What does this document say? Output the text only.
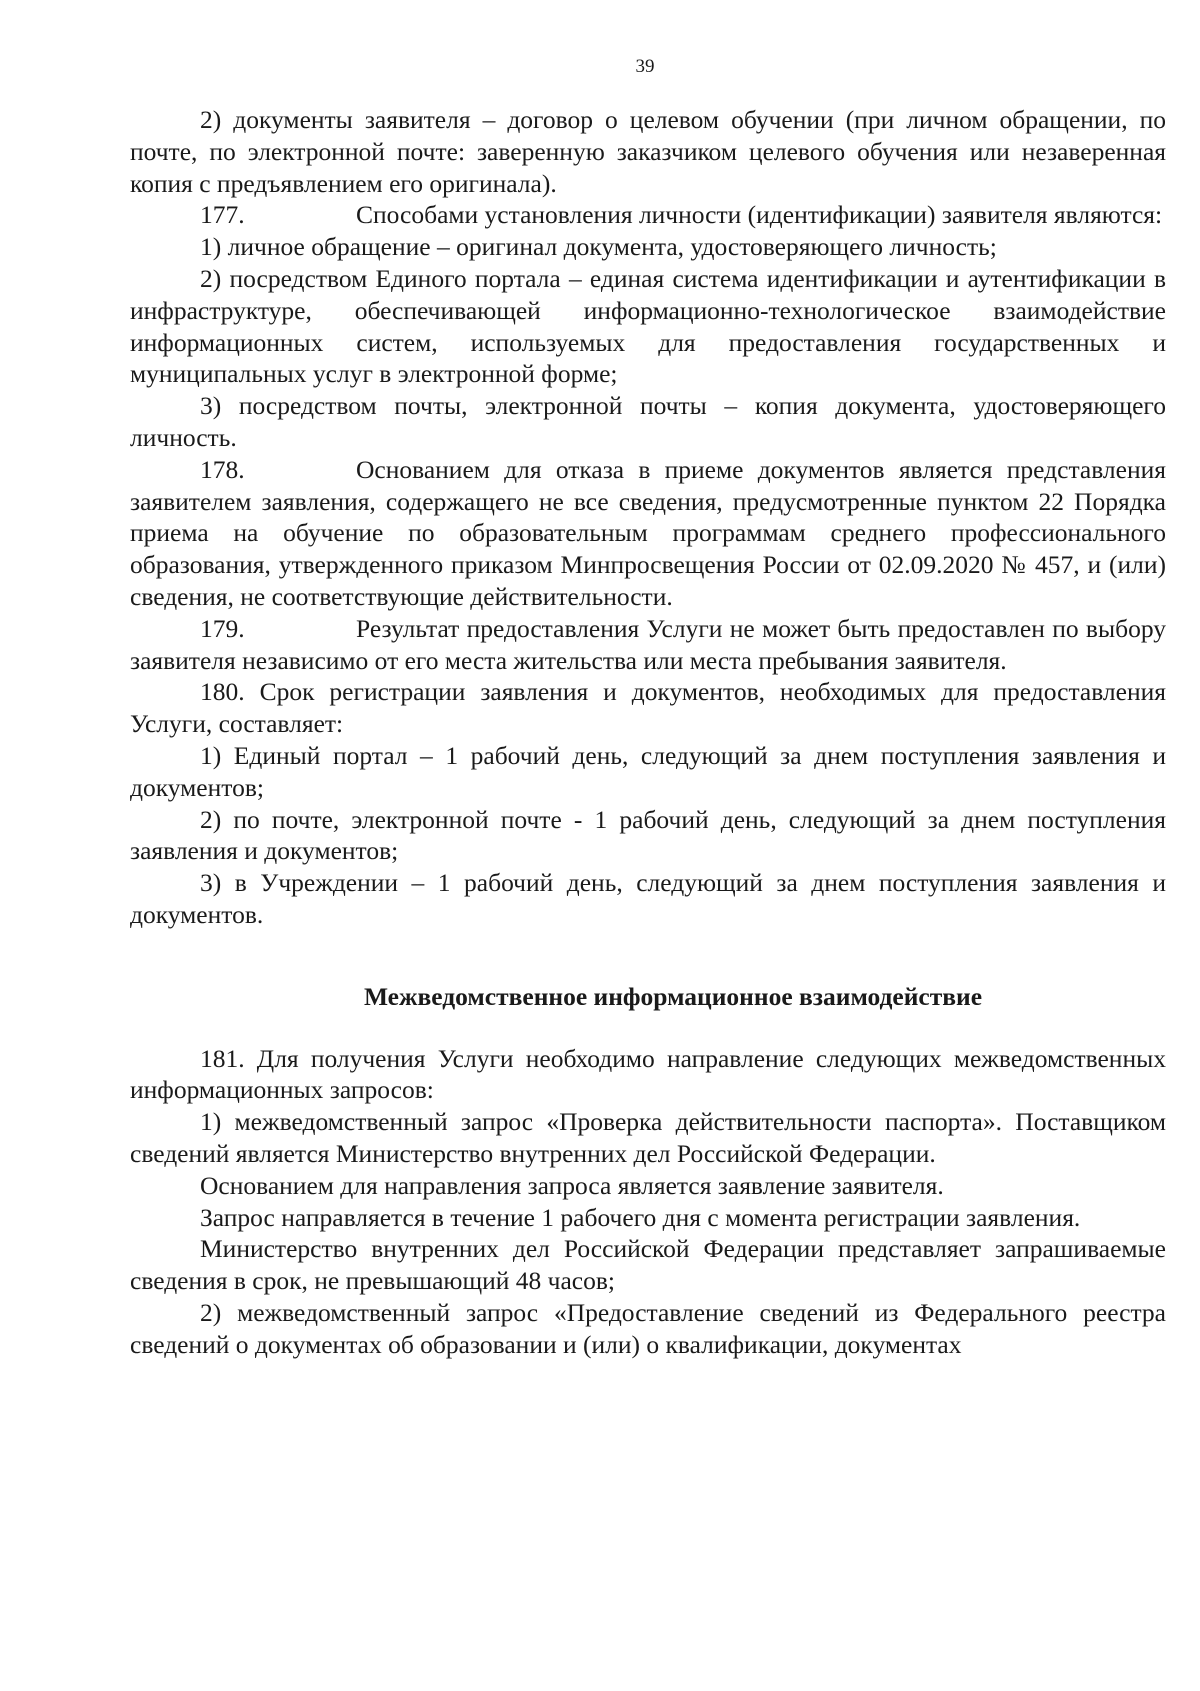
39

2) документы заявителя – договор о целевом обучении (при личном обращении, по почте, по электронной почте: заверенную заказчиком целевого обучения или незаверенная копия с предъявлением его оригинала).

177.	Способами установления личности (идентификации) заявителя являются:

1) личное обращение – оригинал документа, удостоверяющего личность;

2) посредством Единого портала – единая система идентификации и аутентификации в инфраструктуре, обеспечивающей информационно-технологическое взаимодействие информационных систем, используемых для предоставления государственных и муниципальных услуг в электронной форме;

3) посредством почты, электронной почты – копия документа, удостоверяющего личность.

178.	Основанием для отказа в приеме документов является представления заявителем заявления, содержащего не все сведения, предусмотренные пунктом 22 Порядка приема на обучение по образовательным программам среднего профессионального образования, утвержденного приказом Минпросвещения России от 02.09.2020 № 457, и (или) сведения, не соответствующие действительности.

179.	Результат предоставления Услуги не может быть предоставлен по выбору заявителя независимо от его места жительства или места пребывания заявителя.

180. Срок регистрации заявления и документов, необходимых для предоставления Услуги, составляет:

1) Единый портал – 1 рабочий день, следующий за днем поступления заявления и документов;

2) по почте, электронной почте - 1 рабочий день, следующий за днем поступления заявления и документов;

3) в Учреждении – 1 рабочий день, следующий за днем поступления заявления и документов.

Межведомственное информационное взаимодействие

181. Для получения Услуги необходимо направление следующих межведомственных информационных запросов:

1) межведомственный запрос «Проверка действительности паспорта». Поставщиком сведений является Министерство внутренних дел Российской Федерации.

Основанием для направления запроса является заявление заявителя.

Запрос направляется в течение 1 рабочего дня с момента регистрации заявления.

Министерство внутренних дел Российской Федерации представляет запрашиваемые сведения в срок, не превышающий 48 часов;

2) межведомственный запрос «Предоставление сведений из Федерального реестра сведений о документах об образовании и (или) о квалификации, документах
